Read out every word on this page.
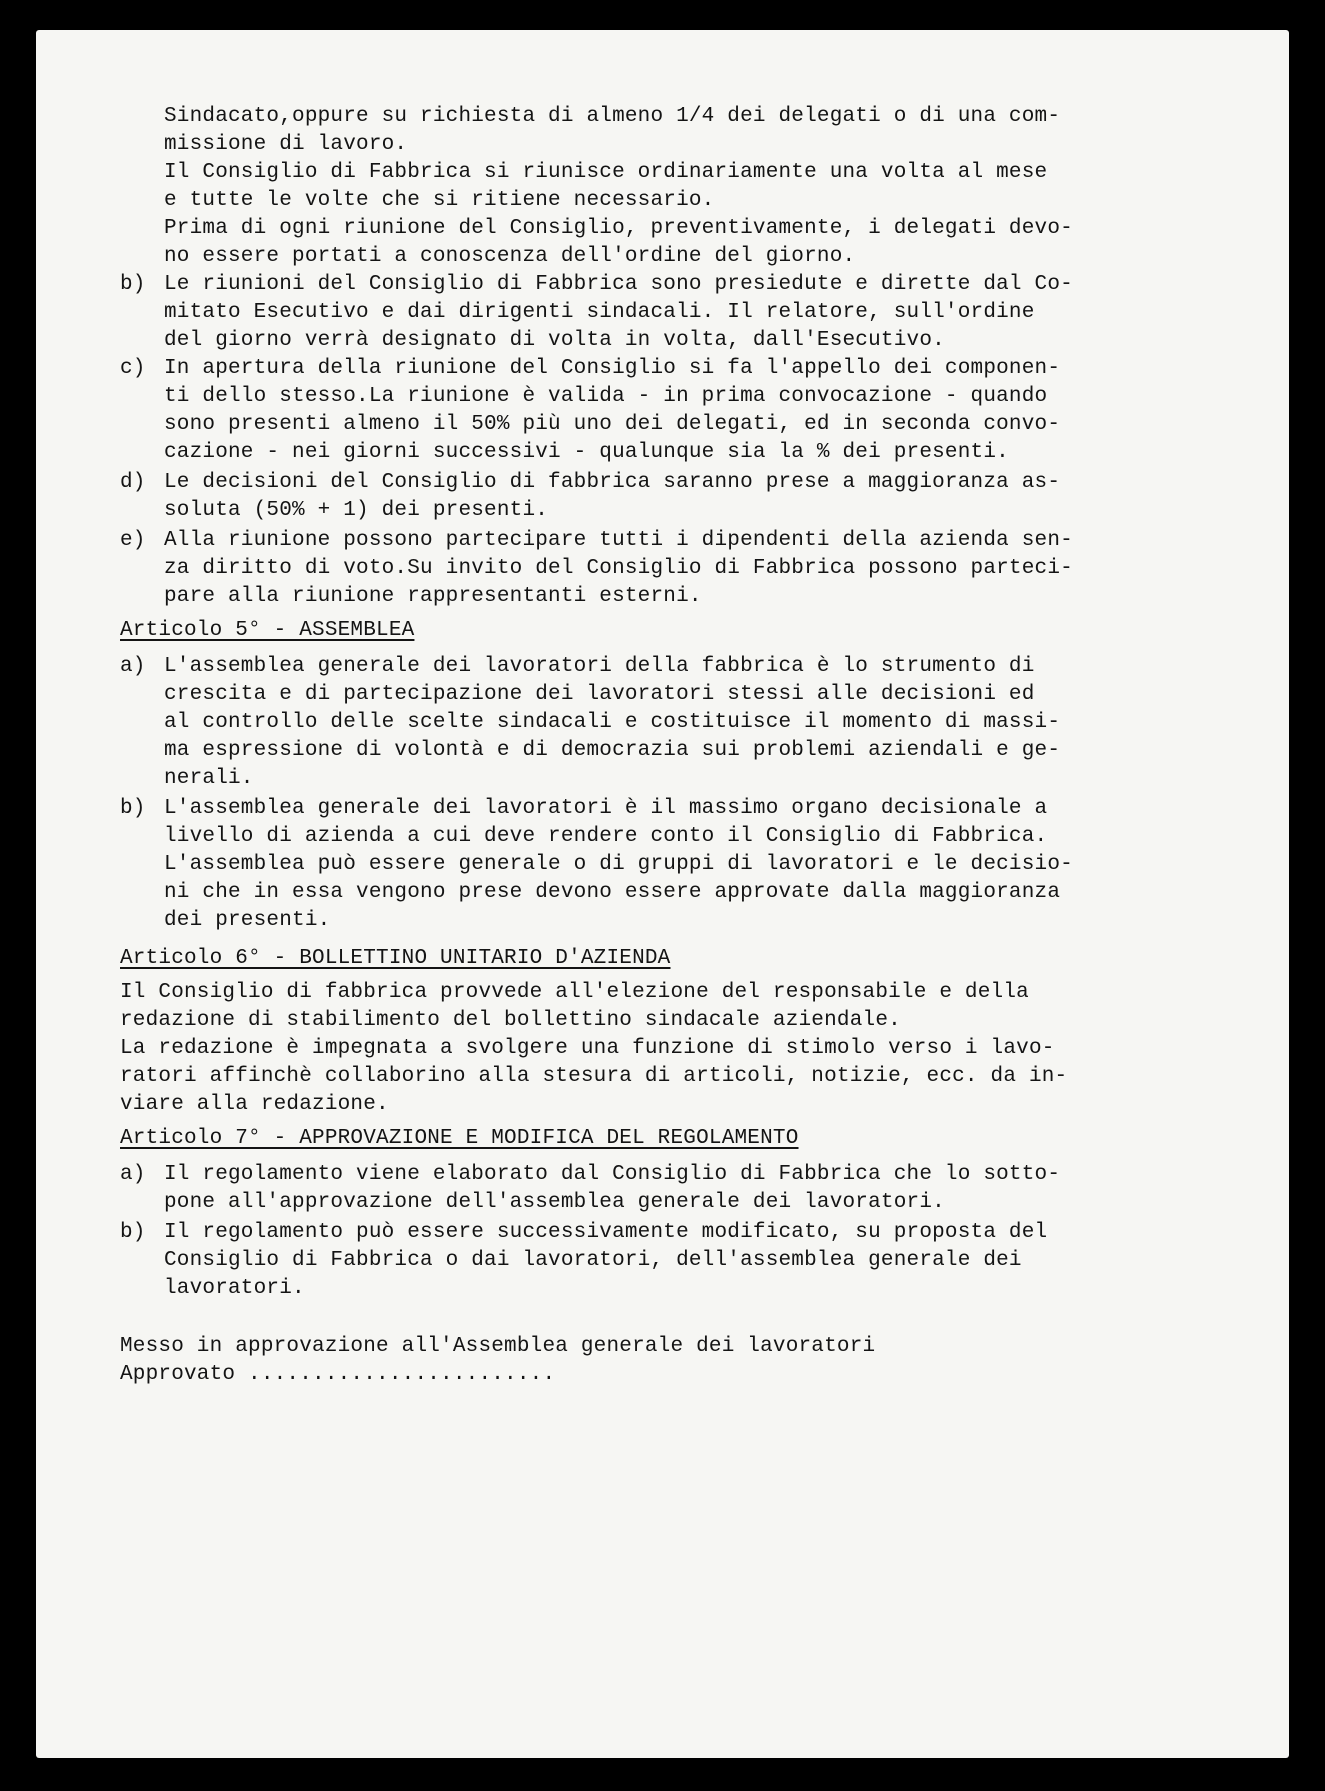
Sindacato,oppure su richiesta di almeno 1/4 dei delegati o di una com-
missione di lavoro.
Il Consiglio di Fabbrica si riunisce ordinariamente una volta al mese
e tutte le volte che si ritiene necessario.
Prima di ogni riunione del Consiglio, preventivamente, i delegati devo-
no essere portati a conoscenza dell'ordine del giorno.
b) Le riunioni del Consiglio di Fabbrica sono presiedute e dirette dal Co-
mitato Esecutivo e dai dirigenti sindacali. Il relatore, sull'ordine
del giorno verrà designato di volta in volta, dall'Esecutivo.
c) In apertura della riunione del Consiglio si fa l'appello dei componen-
ti dello stesso.La riunione è valida - in prima convocazione - quando
sono presenti almeno il 50% più uno dei delegati, ed in seconda convo-
cazione - nei giorni successivi - qualunque sia la % dei presenti.
d) Le decisioni del Consiglio di fabbrica saranno prese a maggioranza as-
soluta (50% + 1) dei presenti.
e) Alla riunione possono partecipare tutti i dipendenti della azienda sen-
za diritto di voto.Su invito del Consiglio di Fabbrica possono parteci-
pare alla riunione rappresentanti esterni.
Articolo 5° - ASSEMBLEA
a) L'assemblea generale dei lavoratori della fabbrica è lo strumento di
crescita e di partecipazione dei lavoratori stessi alle decisioni ed
al controllo delle scelte sindacali e costituisce il momento di massi-
ma espressione di volontà e di democrazia sui problemi aziendali e ge-
nerali.
b) L'assemblea generale dei lavoratori è il massimo organo decisionale a
livello di azienda a cui deve rendere conto il Consiglio di Fabbrica.
L'assemblea può essere generale o di gruppi di lavoratori e le decisio-
ni che in essa vengono prese devono essere approvate dalla maggioranza
dei presenti.
Articolo 6° - BOLLETTINO UNITARIO D'AZIENDA
Il Consiglio di fabbrica provvede all'elezione del responsabile e della
redazione di stabilimento del bollettino sindacale aziendale.
La redazione è impegnata a svolgere una funzione di stimolo verso i lavo-
ratori affinchè collaborino alla stesura di articoli, notizie, ecc. da in-
viare alla redazione.
Articolo 7° - APPROVAZIONE E MODIFICA DEL REGOLAMENTO
a) Il regolamento viene elaborato dal Consiglio di Fabbrica che lo sotto-
pone all'approvazione dell'assemblea generale dei lavoratori.
b) Il regolamento può essere successivamente modificato, su proposta del
Consiglio di Fabbrica o dai lavoratori, dell'assemblea generale dei
lavoratori.
Messo in approvazione all'Assemblea generale dei lavoratori
Approvato ........................
